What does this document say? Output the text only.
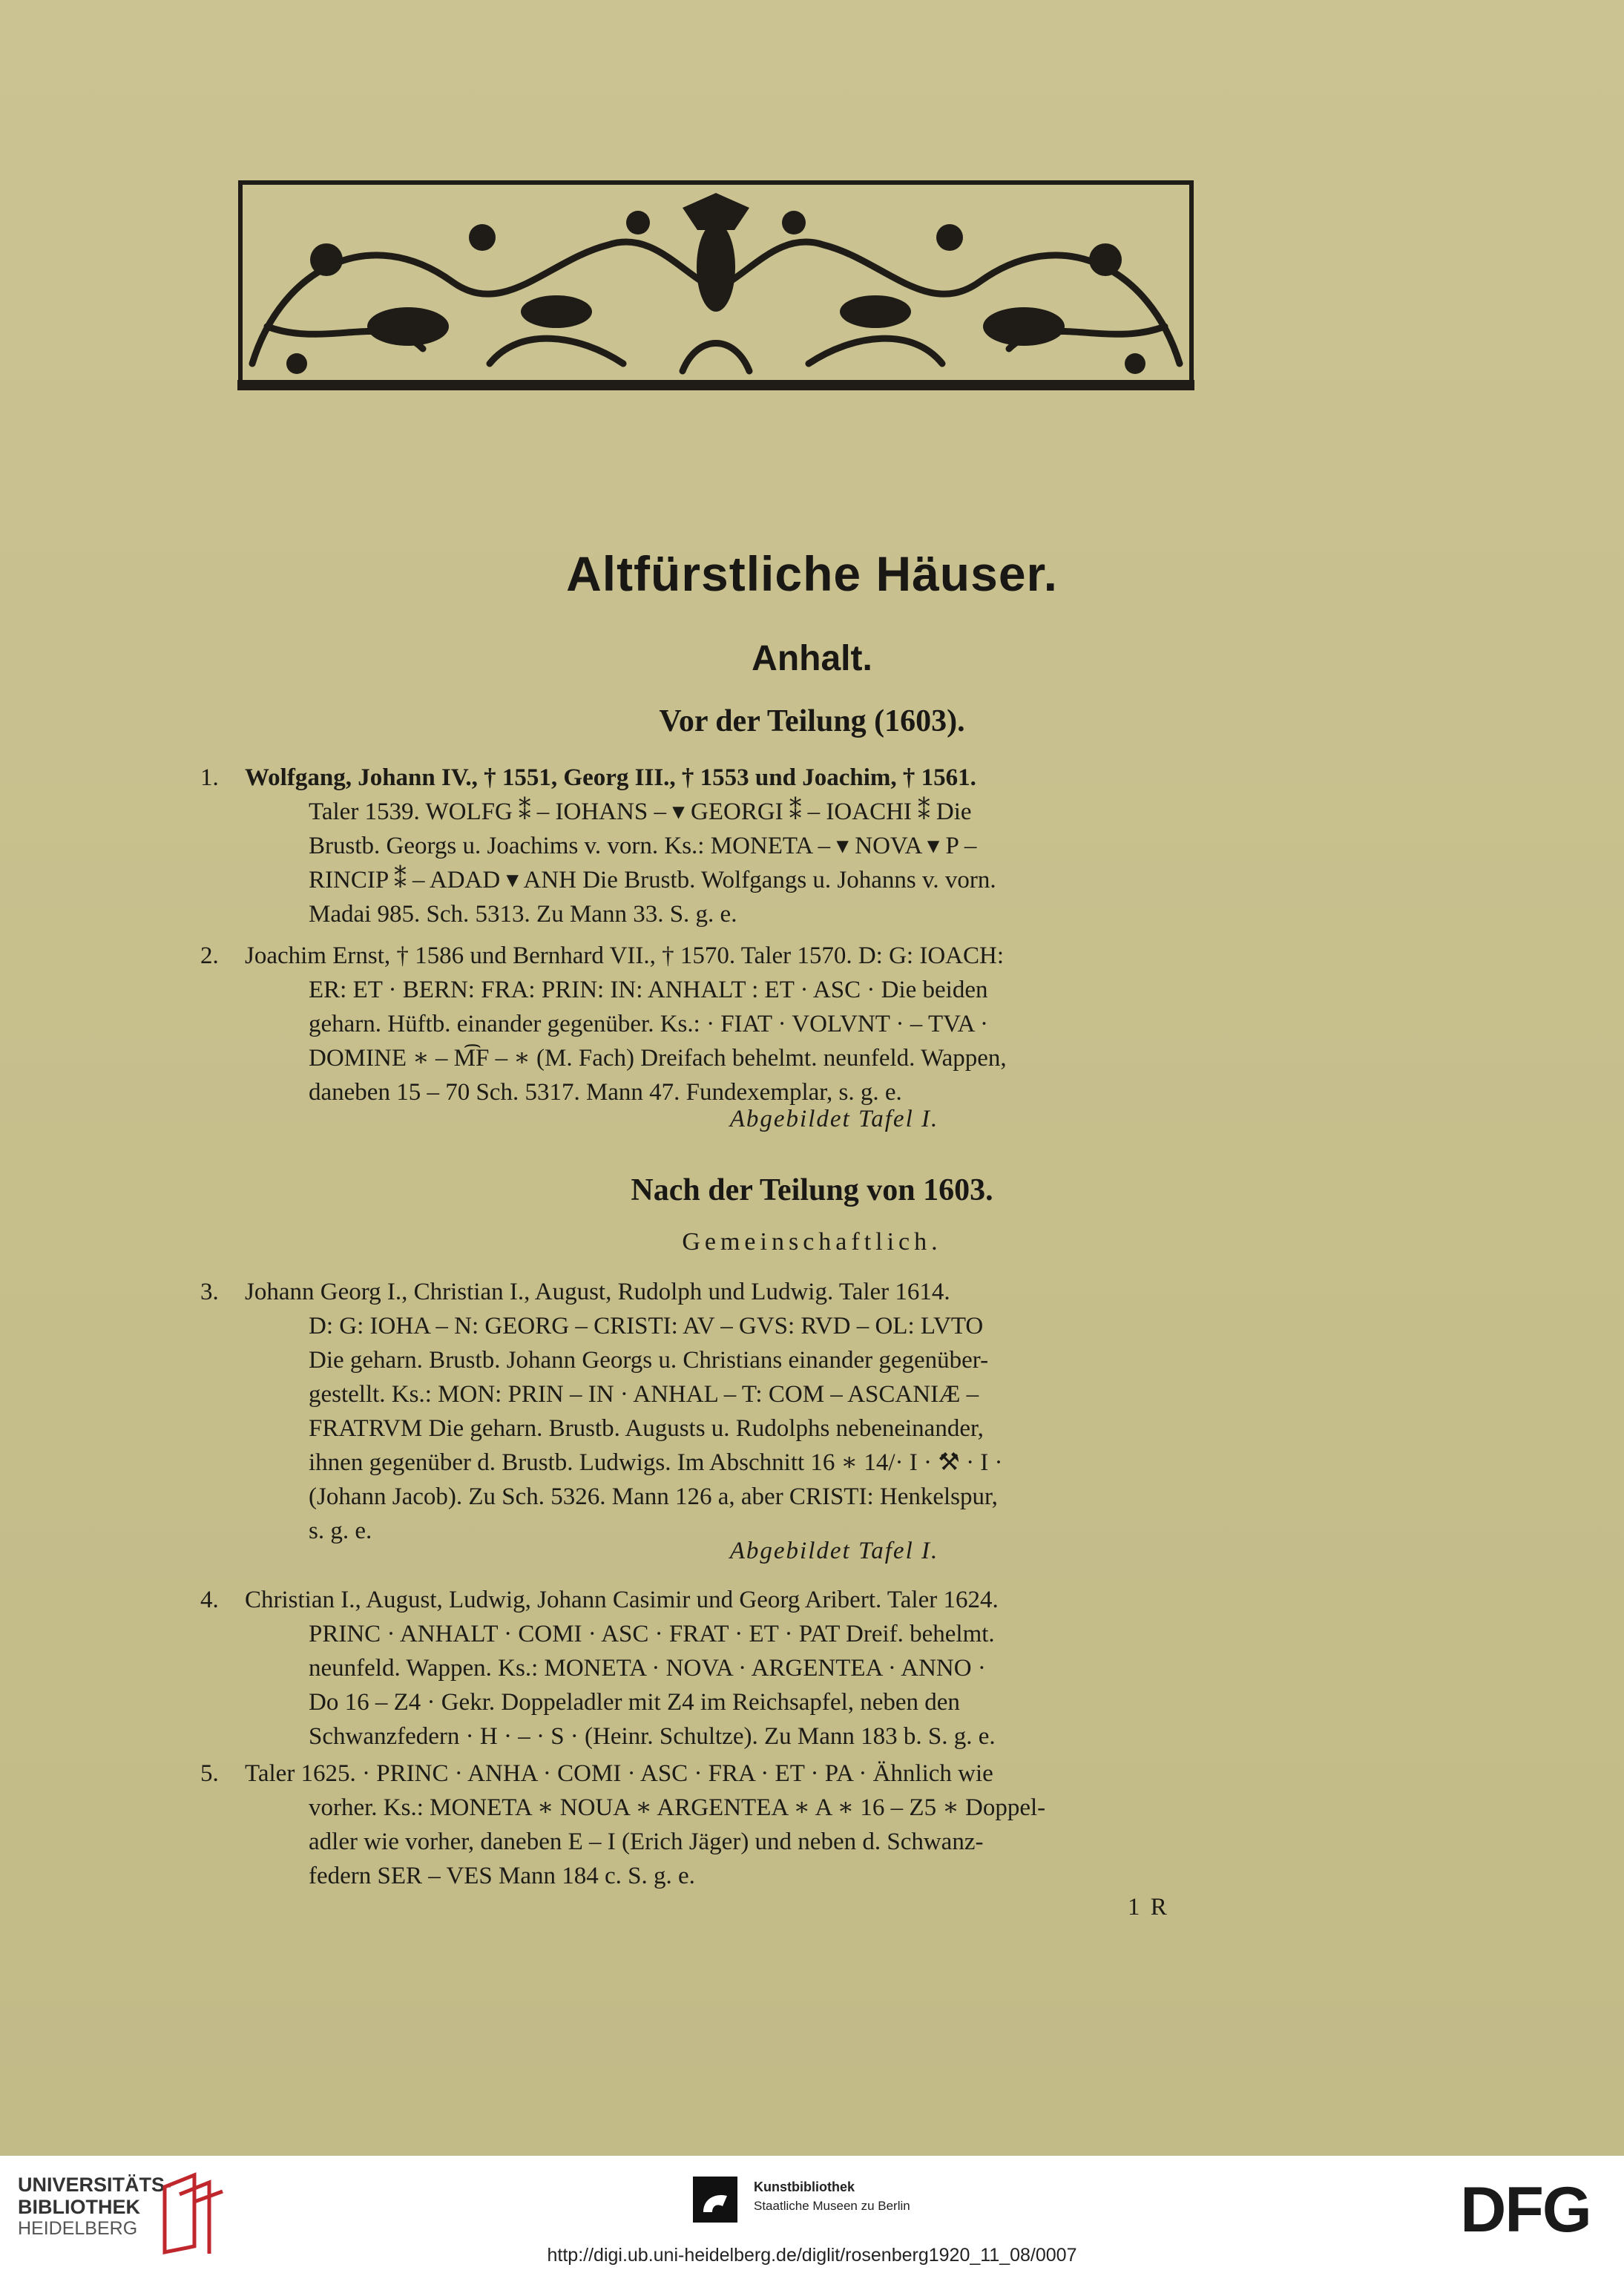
Altfürstliche Häuser.
Anhalt.
Vor der Teilung (1603).
1. Wolfgang, Johann IV., † 1551, Georg III., † 1553 und Joachim, † 1561.
Taler 1539. WOLFG ⁑ – IOHANS – ▾ GEORGI ⁑ – IOACHI ⁑ Die
Brustb. Georgs u. Joachims v. vorn. Ks.: MONETA – ▾ NOVA ▾ P –
RINCIP ⁑ – ADAD ▾ ANH Die Brustb. Wolfgangs u. Johanns v. vorn.
Madai 985. Sch. 5313. Zu Mann 33. S. g. e.
2. Joachim Ernst, † 1586 und Bernhard VII., † 1570. Taler 1570. D: G: IOACH:
ER: ET · BERN: FRA: PRIN: IN: ANHALT : ET · ASC · Die beiden
geharn. Hüftb. einander gegenüber. Ks.: · FIAT · VOLVNT · – TVA ·
DOMINE ∗ – M͡F – ∗ (M. Fach) Dreifach behelmt. neunfeld. Wappen,
daneben 15 – 70 Sch. 5317. Mann 47. Fundexemplar, s. g. e.
Abgebildet Tafel I.
Nach der Teilung von 1603.
Gemeinschaftlich.
3. Johann Georg I., Christian I., August, Rudolph und Ludwig. Taler 1614.
D: G: IOHA – N: GEORG – CRISTI: AV – GVS: RVD – OL: LVTO
Die geharn. Brustb. Johann Georgs u. Christians einander gegenüber-
gestellt. Ks.: MON: PRIN – IN · ANHAL – T: COM – ASCANIÆ –
FRATRVM Die geharn. Brustb. Augusts u. Rudolphs nebeneinander,
ihnen gegenüber d. Brustb. Ludwigs. Im Abschnitt 16 ∗ 14/· I · ⚒ · I ·
(Johann Jacob). Zu Sch. 5326. Mann 126 a, aber CRISTI: Henkelspur,
s. g. e.
Abgebildet Tafel I.
4. Christian I., August, Ludwig, Johann Casimir und Georg Aribert. Taler 1624.
PRINC · ANHALT · COMI · ASC · FRAT · ET · PAT Dreif. behelmt.
neunfeld. Wappen. Ks.: MONETA · NOVA · ARGENTEA · ANNO ·
Do 16 – Z4 · Gekr. Doppeladler mit Z4 im Reichsapfel, neben den
Schwanzfedern · H · – · S · (Heinr. Schultze). Zu Mann 183 b. S. g. e.
5. Taler 1625. · PRINC · ANHA · COMI · ASC · FRA · ET · PA · Ähnlich wie
vorher. Ks.: MONETA ∗ NOUA ∗ ARGENTEA ∗ A ∗ 16 – Z5 ∗ Doppel-
adler wie vorher, daneben E – I (Erich Jäger) und neben d. Schwanz-
federn SER – VES Mann 184 c. S. g. e.
1 R
UNIVERSITÄTS-
BIBLIOTHEK
HEIDELBERG
Kunstbibliothek
Staatliche Museen zu Berlin	DFG
http://digi.ub.uni-heidelberg.de/diglit/rosenberg1920_11_08/0007
